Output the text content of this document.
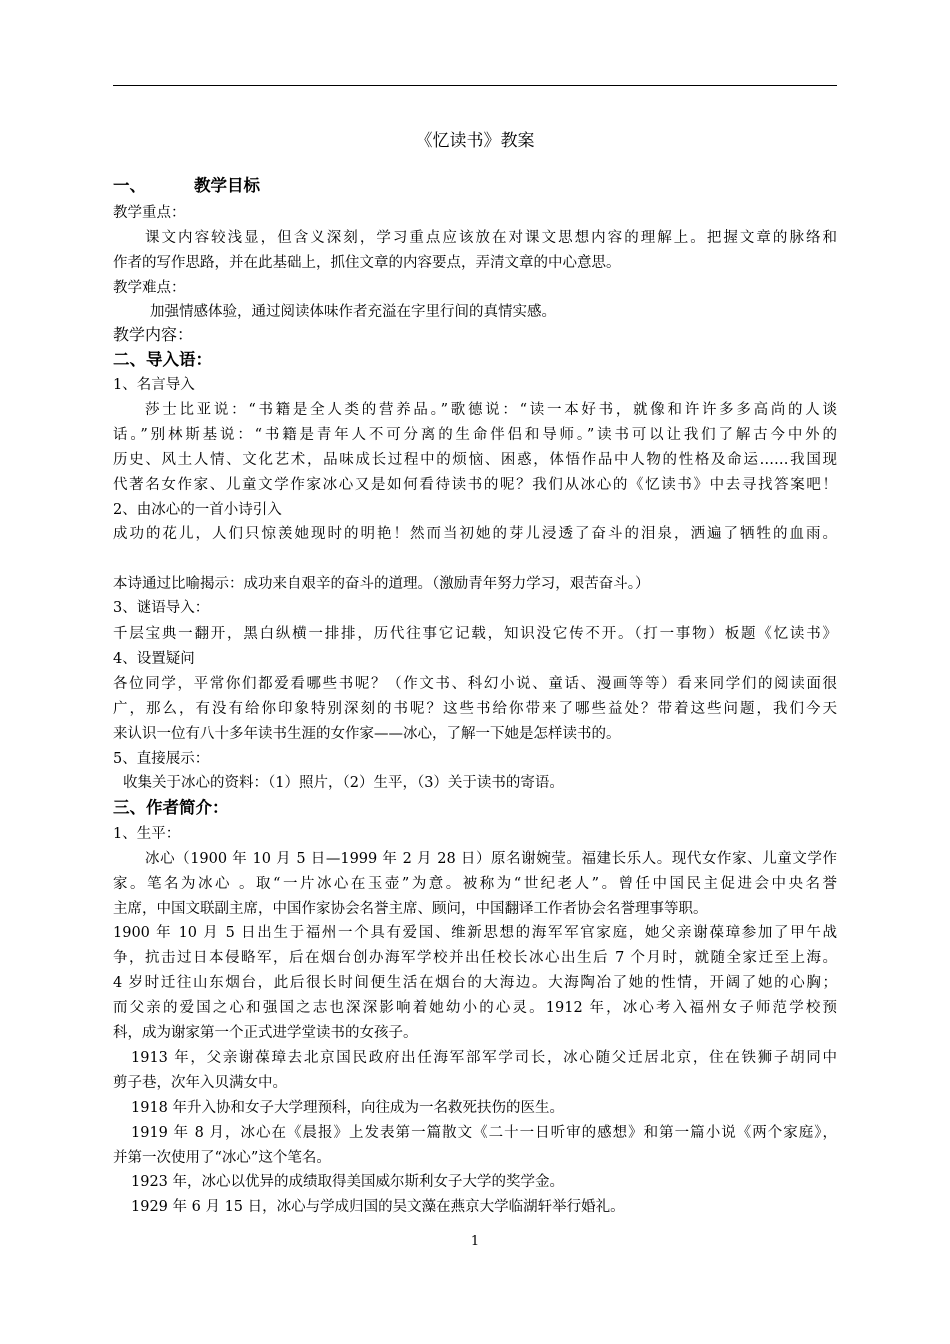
《忆读书》教案
一、	教学目标
教学重点：
课文内容较浅显，但含义深刻，学习重点应该放在对课文思想内容的理解上。把握文章的脉络和
作者的写作思路，并在此基础上，抓住文章的内容要点，弄清文章的中心意思。
教学难点：
加强情感体验，通过阅读体味作者充溢在字里行间的真情实感。
教学内容：
二、导入语：
1、名言导入
莎士比亚说：“书籍是全人类的营养品。”歌德说：“读一本好书，就像和许许多多高尚的人谈
话。”别林斯基说：“书籍是青年人不可分离的生命伴侣和导师。”读书可以让我们了解古今中外的
历史、风土人情、文化艺术，品味成长过程中的烦恼、困惑，体悟作品中人物的性格及命运……我国现
代著名女作家、儿童文学作家冰心又是如何看待读书的呢？我们从冰心的《忆读书》中去寻找答案吧！
2、由冰心的一首小诗引入
成功的花儿，人们只惊羡她现时的明艳！然而当初她的芽儿浸透了奋斗的泪泉，洒遍了牺牲的血雨。
本诗通过比喻揭示：成功来自艰辛的奋斗的道理。（激励青年努力学习，艰苦奋斗。）
3、谜语导入：
千层宝典一翻开，黑白纵横一排排，历代往事它记载，知识没它传不开。（打一事物）板题《忆读书》
4、设置疑问
各位同学，平常你们都爱看哪些书呢？（作文书、科幻小说、童话、漫画等等）看来同学们的阅读面很
广，那么，有没有给你印象特别深刻的书呢？这些书给你带来了哪些益处？带着这些问题，我们今天
来认识一位有八十多年读书生涯的女作家——冰心，了解一下她是怎样读书的。
5、直接展示：
收集关于冰心的资料：（1）照片，（2）生平，（3）关于读书的寄语。
三、作者简介：
1、生平：
冰心（1900 年 10 月 5 日—1999 年 2 月 28 日）原名谢婉莹。福建长乐人。现代女作家、儿童文学作
家。笔名为冰心 。取“一片冰心在玉壶”为意。被称为“世纪老人”。曾任中国民主促进会中央名誉
主席，中国文联副主席，中国作家协会名誉主席、顾问，中国翻译工作者协会名誉理事等职。
1900 年 10 月 5 日出生于福州一个具有爱国、维新思想的海军军官家庭，她父亲谢葆璋参加了甲午战
争，抗击过日本侵略军，后在烟台创办海军学校并出任校长冰心出生后 7 个月时，就随全家迁至上海。
4 岁时迁往山东烟台，此后很长时间便生活在烟台的大海边。大海陶冶了她的性情，开阔了她的心胸；
而父亲的爱国之心和强国之志也深深影响着她幼小的心灵。1912 年，冰心考入福州女子师范学校预
科，成为谢家第一个正式进学堂读书的女孩子。
1913 年，父亲谢葆璋去北京国民政府出任海军部军学司长，冰心随父迁居北京，住在铁狮子胡同中
剪子巷，次年入贝满女中。
1918 年升入协和女子大学理预科，向往成为一名救死扶伤的医生。
1919 年 8 月，冰心在《晨报》上发表第一篇散文《二十一日听审的感想》和第一篇小说《两个家庭》，
并第一次使用了“冰心”这个笔名。
1923 年，冰心以优异的成绩取得美国威尔斯利女子大学的奖学金。
1929 年 6 月 15 日，冰心与学成归国的吴文藻在燕京大学临湖轩举行婚礼。
1
